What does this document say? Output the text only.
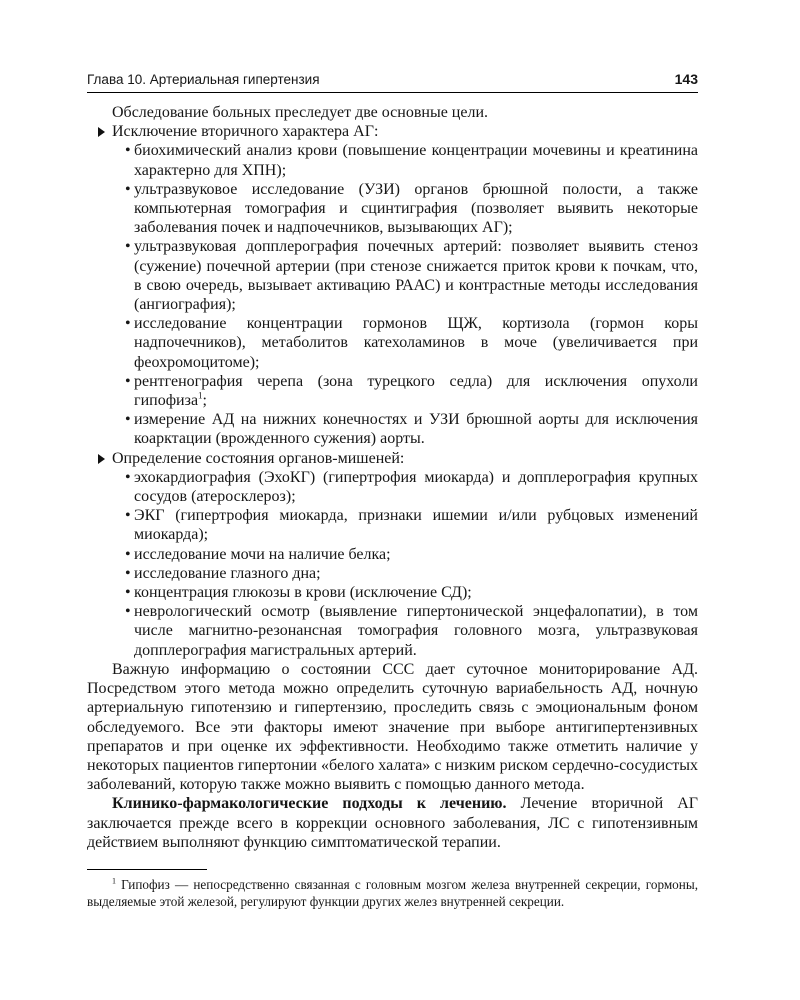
Глава 10. Артериальная гипертензия	143

Обследование больных преследует две основные цели.

Исключение вторичного характера АГ:
• биохимический анализ крови (повышение концентрации мочевины и креатинина характерно для ХПН);
• ультразвуковое исследование (УЗИ) органов брюшной полости, а также компьютерная томография и сцинтиграфия (позволяет выявить некоторые заболевания почек и надпочечников, вызывающих АГ);
• ультразвуковая допплерография почечных артерий: позволяет выявить стеноз (сужение) почечной артерии (при стенозе снижается приток крови к почкам, что, в свою очередь, вызывает активацию РААС) и контрастные методы исследования (ангиография);
• исследование концентрации гормонов ЩЖ, кортизола (гормон коры надпочечников), метаболитов катехоламинов в моче (увеличивается при феохромоцитоме);
• рентгенография черепа (зона турецкого седла) для исключения опухоли гипофиза$^1$;
• измерение АД на нижних конечностях и УЗИ брюшной аорты для исключения коарктации (врожденного сужения) аорты.
Определение состояния органов-мишеней:
• эхокардиография (ЭхоКГ) (гипертрофия миокарда) и допплерография крупных сосудов (атеросклероз);
• ЭКГ (гипертрофия миокарда, признаки ишемии и/или рубцовых изменений миокарда);
• исследование мочи на наличие белка;
• исследование глазного дна;
• концентрация глюкозы в крови (исключение СД);
• неврологический осмотр (выявление гипертонической энцефалопатии), в том числе магнитно-резонансная томография головного мозга, ультразвуковая допплерография магистральных артерий.

Важную информацию о состоянии ССС дает суточное мониторирование АД. Посредством этого метода можно определить суточную вариабельность АД, ночную артериальную гипотензию и гипертензию, проследить связь с эмоциональным фоном обследуемого. Все эти факторы имеют значение при выборе антигипертензивных препаратов и при оценке их эффективности. Необходимо также отметить наличие у некоторых пациентов гипертонии «белого халата» с низким риском сердечно-сосудистых заболеваний, которую также можно выявить с помощью данного метода.

Клинико-фармакологические подходы к лечению. Лечение вторичной АГ заключается прежде всего в коррекции основного заболевания, ЛС с гипотензивным действием выполняют функцию симптоматической терапии.

$^1$ Гипофиз — непосредственно связанная с головным мозгом железа внутренней секреции, гормоны, выделяемые этой железой, регулируют функции других желез внутренней секреции.
